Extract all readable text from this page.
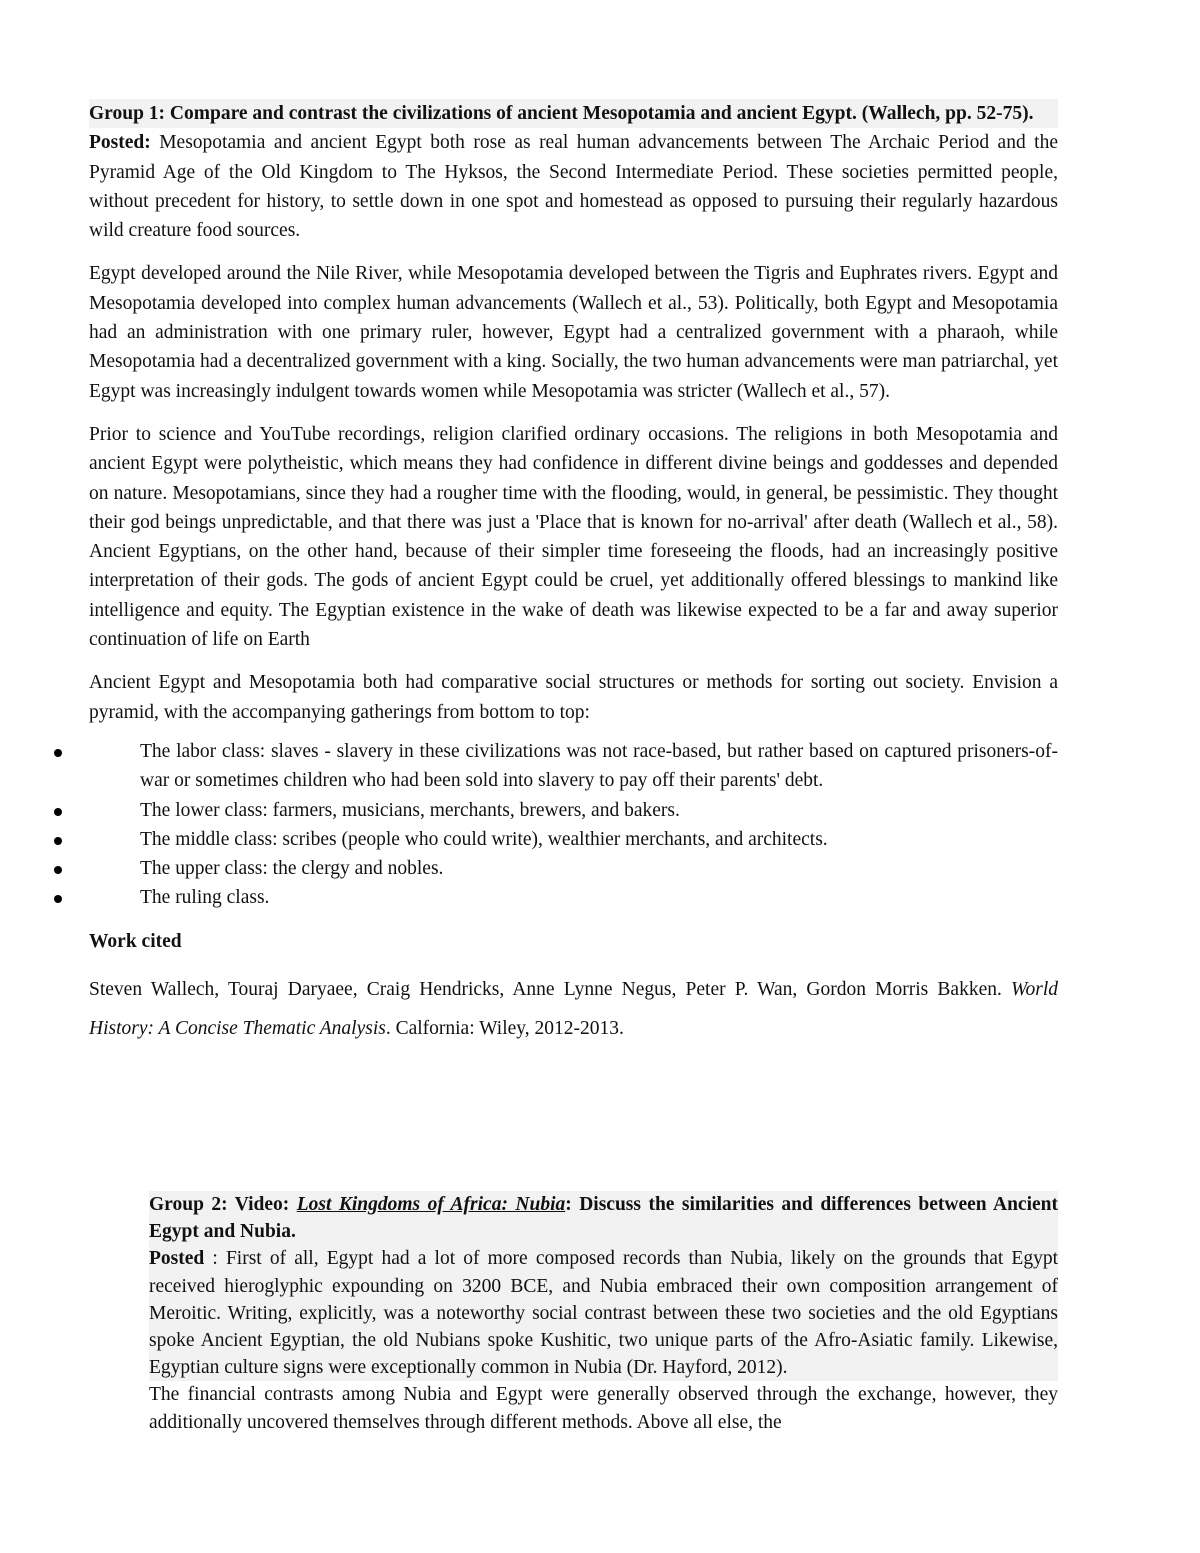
Group 1: Compare and contrast the civilizations of ancient Mesopotamia and ancient Egypt. (Wallech, pp. 52-75).

Posted: Mesopotamia and ancient Egypt both rose as real human advancements between The Archaic Period and the Pyramid Age of the Old Kingdom to The Hyksos, the Second Intermediate Period. These societies permitted people, without precedent for history, to settle down in one spot and homestead as opposed to pursuing their regularly hazardous wild creature food sources.

Egypt developed around the Nile River, while Mesopotamia developed between the Tigris and Euphrates rivers. Egypt and Mesopotamia developed into complex human advancements (Wallech et al., 53). Politically, both Egypt and Mesopotamia had an administration with one primary ruler, however, Egypt had a centralized government with a pharaoh, while Mesopotamia had a decentralized government with a king. Socially, the two human advancements were man patriarchal, yet Egypt was increasingly indulgent towards women while Mesopotamia was stricter (Wallech et al., 57).

Prior to science and YouTube recordings, religion clarified ordinary occasions. The religions in both Mesopotamia and ancient Egypt were polytheistic, which means they had confidence in different divine beings and goddesses and depended on nature. Mesopotamians, since they had a rougher time with the flooding, would, in general, be pessimistic. They thought their god beings unpredictable, and that there was just a 'Place that is known for no-arrival' after death (Wallech et al., 58). Ancient Egyptians, on the other hand, because of their simpler time foreseeing the floods, had an increasingly positive interpretation of their gods. The gods of ancient Egypt could be cruel, yet additionally offered blessings to mankind like intelligence and equity. The Egyptian existence in the wake of death was likewise expected to be a far and away superior continuation of life on Earth

Ancient Egypt and Mesopotamia both had comparative social structures or methods for sorting out society. Envision a pyramid, with the accompanying gatherings from bottom to top:

The labor class: slaves - slavery in these civilizations was not race-based, but rather based on captured prisoners-of-war or sometimes children who had been sold into slavery to pay off their parents' debt.
The lower class: farmers, musicians, merchants, brewers, and bakers.
The middle class: scribes (people who could write), wealthier merchants, and architects.
The upper class: the clergy and nobles.
The ruling class.

Work cited

Steven Wallech, Touraj Daryaee, Craig Hendricks, Anne Lynne Negus, Peter P. Wan, Gordon Morris Bakken. World History: A Concise Thematic Analysis. Calfornia: Wiley, 2012-2013.

Group 2: Video: Lost Kingdoms of Africa: Nubia: Discuss the similarities and differences between Ancient Egypt and Nubia.

Posted : First of all, Egypt had a lot of more composed records than Nubia, likely on the grounds that Egypt received hieroglyphic expounding on 3200 BCE, and Nubia embraced their own composition arrangement of Meroitic. Writing, explicitly, was a noteworthy social contrast between these two societies and the old Egyptians spoke Ancient Egyptian, the old Nubians spoke Kushitic, two unique parts of the Afro-Asiatic family. Likewise, Egyptian culture signs were exceptionally common in Nubia (Dr. Hayford, 2012).

The financial contrasts among Nubia and Egypt were generally observed through the exchange, however, they additionally uncovered themselves through different methods. Above all else, the
